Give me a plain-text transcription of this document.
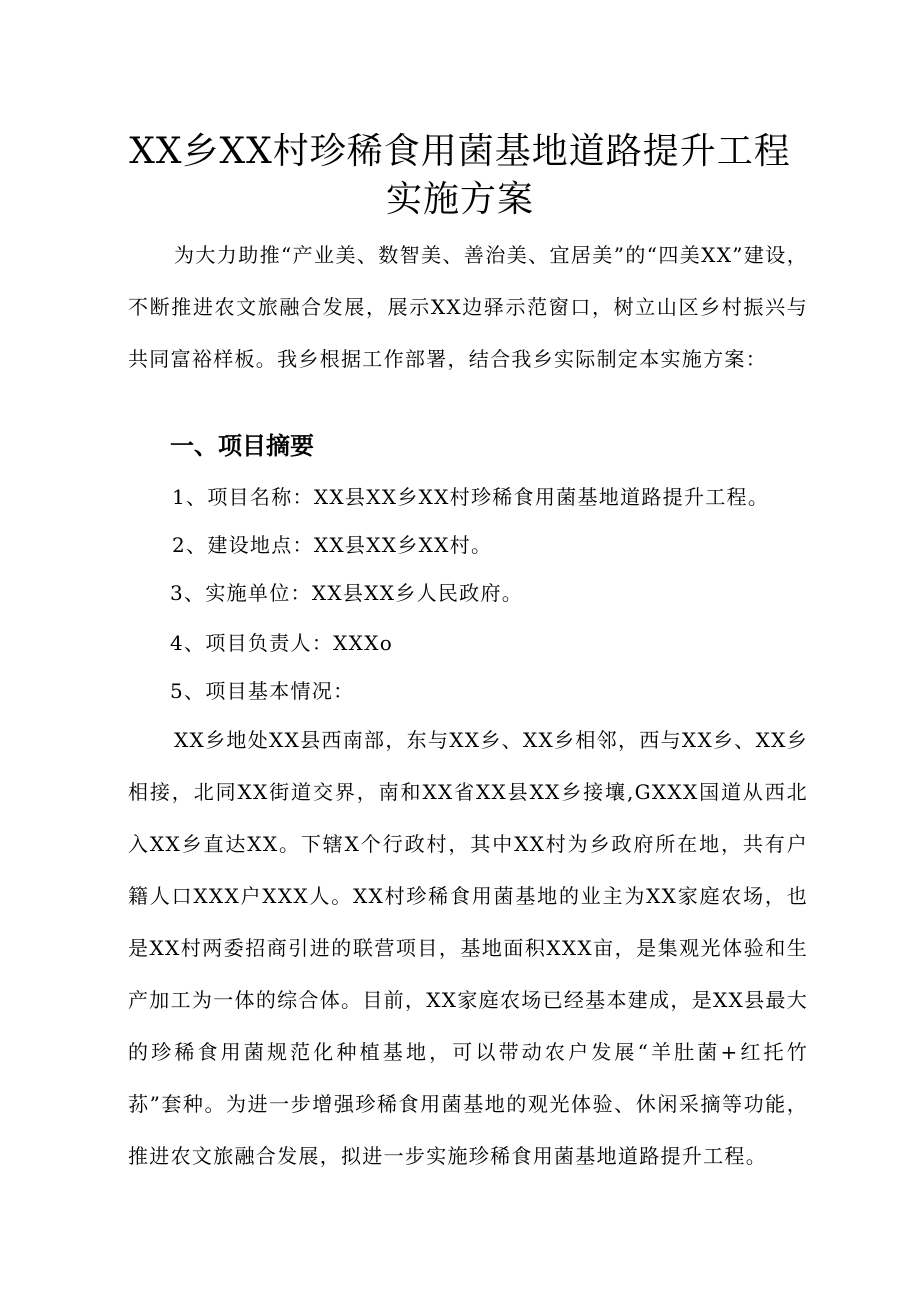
XX乡XX村珍稀食用菌基地道路提升工程实施方案

为大力助推“产业美、数智美、善治美、宜居美”的“四美XX”建设，不断推进农文旅融合发展，展示XX边驿示范窗口，树立山区乡村振兴与共同富裕样板。我乡根据工作部署，结合我乡实际制定本实施方案：

一、项目摘要

1、项目名称：XX县XX乡XX村珍稀食用菌基地道路提升工程。

2、建设地点：XX县XX乡XX村。

3、实施单位：XX县XX乡人民政府。

4、项目负责人：XXXo

5、项目基本情况：

XX乡地处XX县西南部，东与XX乡、XX乡相邻，西与XX乡、XX乡相接，北同XX街道交界，南和XX省XX县XX乡接壤,GXXX国道从西北入XX乡直达XX。下辖X个行政村，其中XX村为乡政府所在地，共有户籍人口XXX户XXX人。XX村珍稀食用菌基地的业主为XX家庭农场，也是XX村两委招商引进的联营项目，基地面积XXX亩，是集观光体验和生产加工为一体的综合体。目前，XX家庭农场已经基本建成，是XX县最大的珍稀食用菌规范化种植基地，可以带动农户发展“羊肚菌+红托竹荪”套种。为进一步增强珍稀食用菌基地的观光体验、休闲采摘等功能，推进农文旅融合发展，拟进一步实施珍稀食用菌基地道路提升工程。
